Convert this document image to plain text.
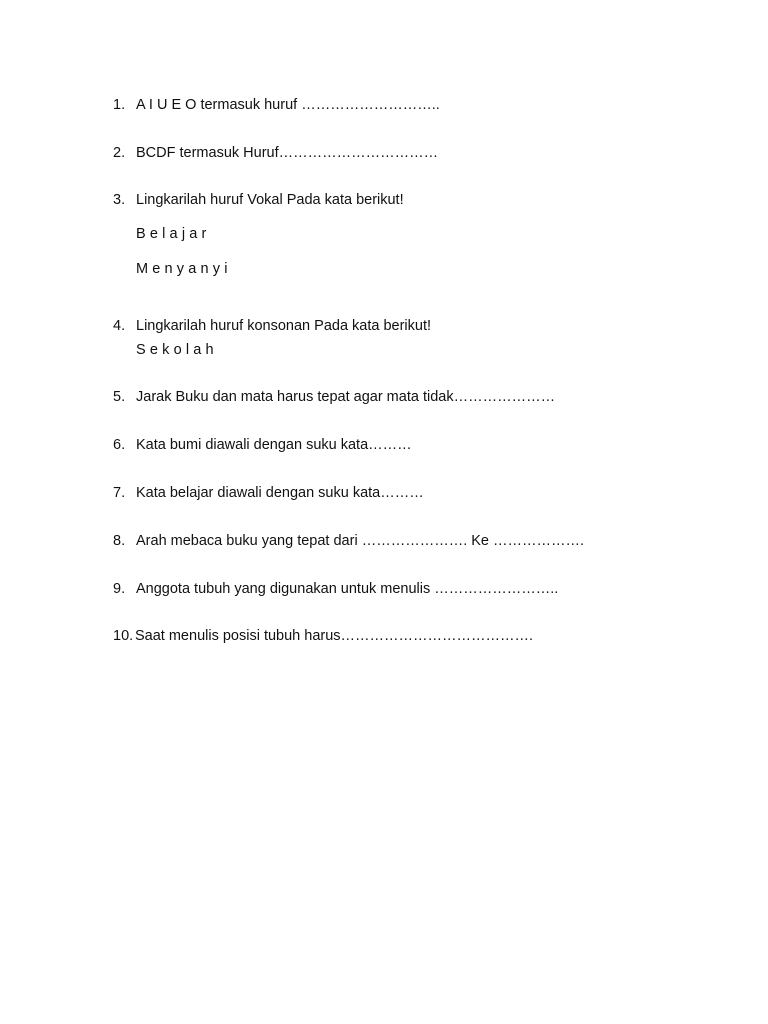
1. A I U E O termasuk huruf ………………………..
2. BCDF termasuk Huruf……………………………
3. Lingkarilah huruf Vokal Pada kata berikut!
Belajar
Menyanyi
4. Lingkarilah huruf konsonan Pada kata berikut!
Sekolah
5. Jarak Buku dan mata harus tepat agar mata tidak…………………
6. Kata bumi diawali dengan suku kata………
7. Kata belajar diawali dengan suku kata………
8. Arah mebaca buku yang tepat dari …………………. Ke ……………….
9. Anggota tubuh yang digunakan untuk menulis ……………………..
10. Saat menulis posisi tubuh harus………………………………….
